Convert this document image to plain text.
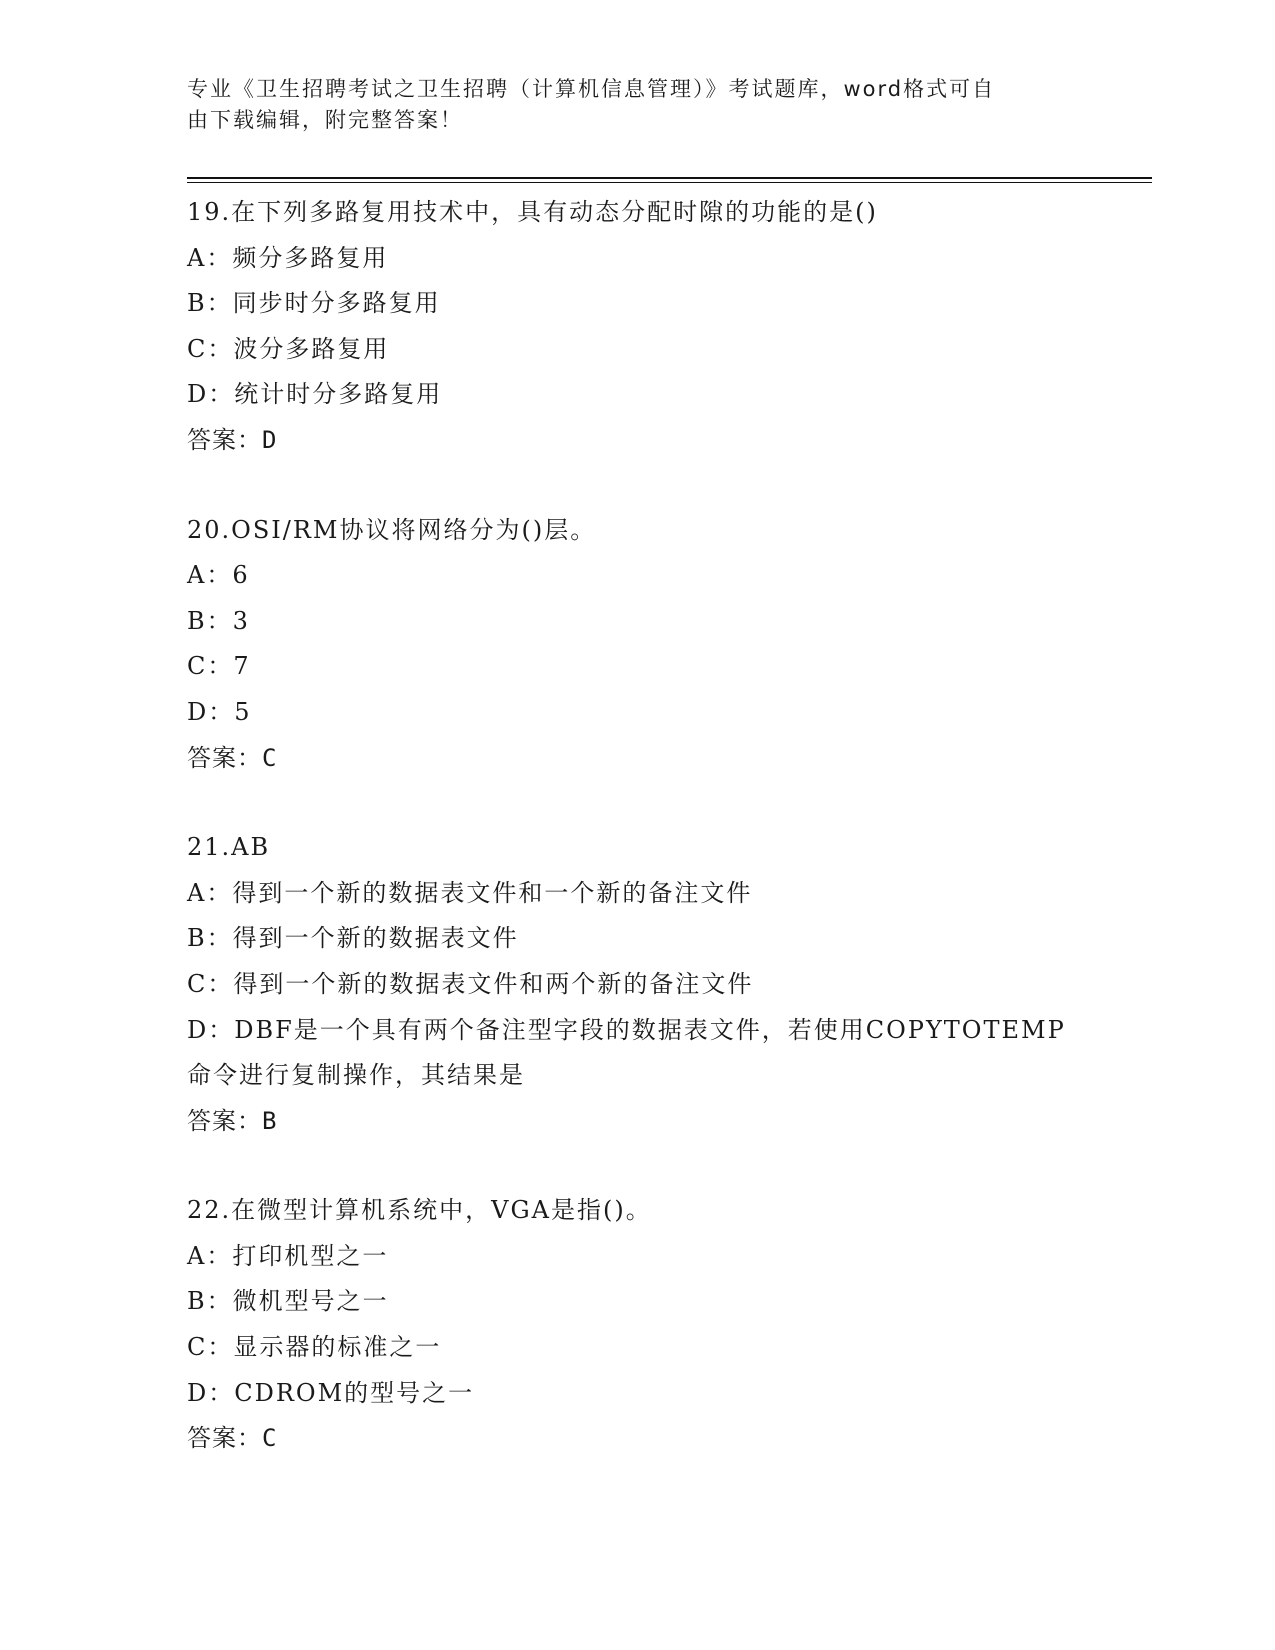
专业《卫生招聘考试之卫生招聘（计算机信息管理）》考试题库，word格式可自
由下载编辑，附完整答案！
19.在下列多路复用技术中，具有动态分配时隙的功能的是()
A：频分多路复用
B：同步时分多路复用
C：波分多路复用
D：统计时分多路复用
答案：D
20.OSI/RM协议将网络分为()层。
A：6
B：3
C：7
D：5
答案：C
21.AB
A：得到一个新的数据表文件和一个新的备注文件
B：得到一个新的数据表文件
C：得到一个新的数据表文件和两个新的备注文件
D：DBF是一个具有两个备注型字段的数据表文件，若使用COPYTOTEMP
命令进行复制操作，其结果是
答案：B
22.在微型计算机系统中，VGA是指()。
A：打印机型之一
B：微机型号之一
C：显示器的标准之一
D：CDROM的型号之一
答案：C
